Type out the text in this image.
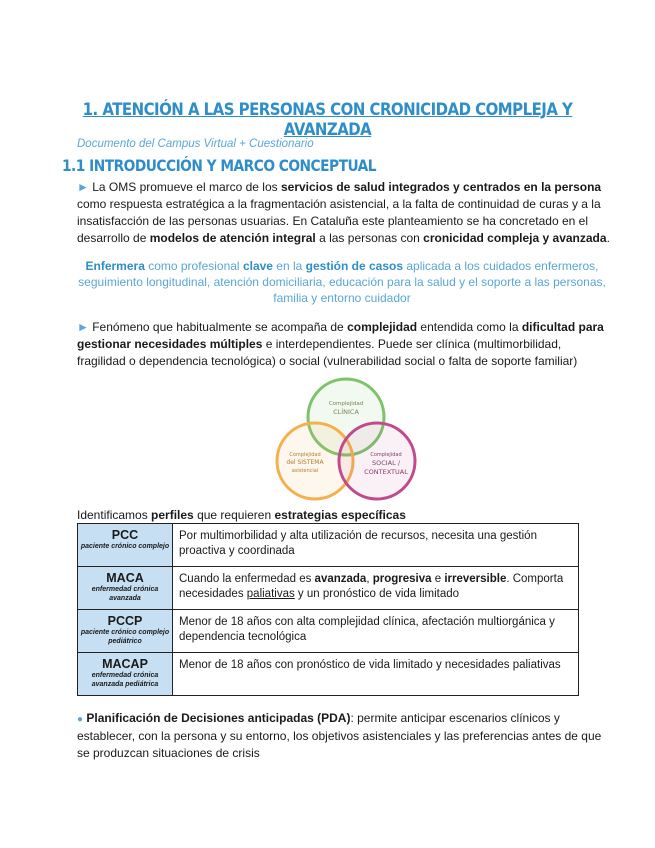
1. ATENCIÓN A LAS PERSONAS CON CRONICIDAD COMPLEJA Y AVANZADA
Documento del Campus Virtual + Cuestionario
1.1 INTRODUCCIÓN Y MARCO CONCEPTUAL
► La OMS promueve el marco de los servicios de salud integrados y centrados en la persona como respuesta estratégica a la fragmentación asistencial, a la falta de continuidad de curas y a la insatisfacción de las personas usuarias. En Cataluña este planteamiento se ha concretado en el desarrollo de modelos de atención integral a las personas con cronicidad compleja y avanzada.
Enfermera como profesional clave en la gestión de casos aplicada a los cuidados enfermeros, seguimiento longitudinal, atención domiciliaria, educación para la salud y el soporte a las personas, familia y entorno cuidador
► Fenómeno que habitualmente se acompaña de complejidad entendida como la dificultad para gestionar necesidades múltiples e interdependientes. Puede ser clínica (multimorbilidad, fragilidad o dependencia tecnológica) o social (vulnerabilidad social o falta de soporte familiar)
Complejidad
CLÍNICA
Complejidad
del SISTEMA
asistencial
Complejidad
SOCIAL /
CONTEXTUAL
Identificamos perfiles que requieren estrategias específicas
PCC
paciente crónico complejo	Por multimorbilidad y alta utilización de recursos, necesita una gestión proactiva y coordinada

MACA
enfermedad crónica avanzada	Cuando la enfermedad es avanzada, progresiva e irreversible. Comporta necesidades paliativas y un pronóstico de vida limitado

PCCP
paciente crónico complejo pediátrico	Menor de 18 años con alta complejidad clínica, afectación multiorgánica y dependencia tecnológica

MACAP
enfermedad crónica avanzada pediátrica	Menor de 18 años con pronóstico de vida limitado y necesidades paliativas
● Planificación de Decisiones anticipadas (PDA): permite anticipar escenarios clínicos y establecer, con la persona y su entorno, los objetivos asistenciales y las preferencias antes de que se produzcan situaciones de crisis
